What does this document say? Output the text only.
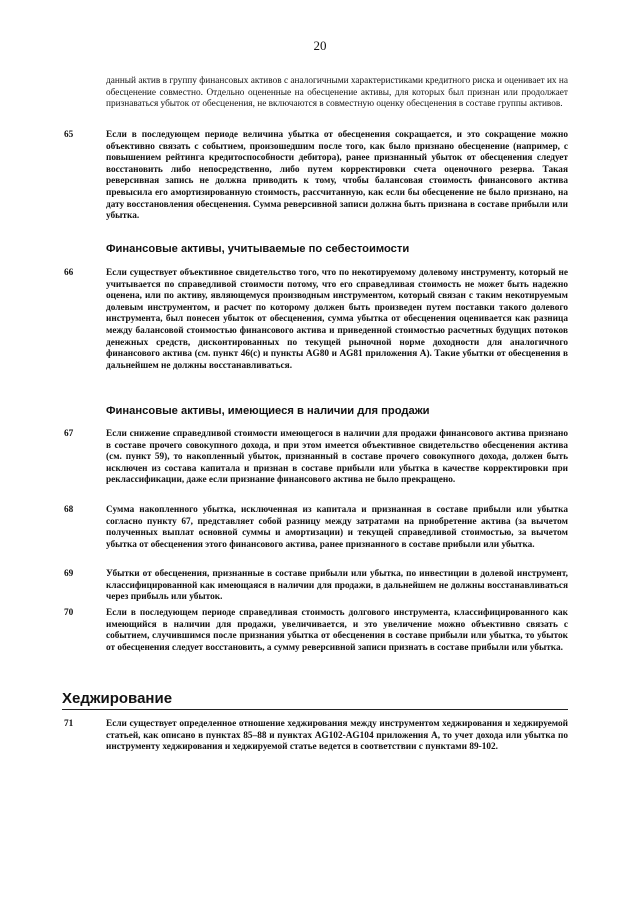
20
данный актив в группу финансовых активов с аналогичными характеристиками кредитного риска и оценивает их на обесценение совместно. Отдельно оцененные на обесценение активы, для которых был признан или продолжает признаваться убыток от обесценения, не включаются в совместную оценку обесценения в составе группы активов.
65	Если в последующем периоде величина убытка от обесценения сокращается, и это сокращение можно объективно связать с событием, произошедшим после того, как было признано обесценение (например, с повышением рейтинга кредитоспособности дебитора), ранее признанный убыток от обесценения следует восстановить либо непосредственно, либо путем корректировки счета оценочного резерва. Такая реверсивная запись не должна приводить к тому, чтобы балансовая стоимость финансового актива превысила его амортизированную стоимость, рассчитанную, как если бы обесценение не было признано, на дату восстановления обесценения. Сумма реверсивной записи должна быть признана в составе прибыли или убытка.
Финансовые активы, учитываемые по себестоимости
66	Если существует объективное свидетельство того, что по некотируемому долевому инструменту, который не учитывается по справедливой стоимости потому, что его справедливая стоимость не может быть надежно оценена, или по активу, являющемуся производным инструментом, который связан с таким некотируемым долевым инструментом, и расчет по которому должен быть произведен путем поставки такого долевого инструмента, был понесен убыток от обесценения, сумма убытка от обесценения оценивается как разница между балансовой стоимостью финансового актива и приведенной стоимостью расчетных будущих потоков денежных средств, дисконтированных по текущей рыночной норме доходности для аналогичного финансового актива (см. пункт 46(c) и пункты AG80 и AG81 приложения А). Такие убытки от обесценения в дальнейшем не должны восстанавливаться.
Финансовые активы, имеющиеся в наличии для продажи
67	Если снижение справедливой стоимости имеющегося в наличии для продажи финансового актива признано в составе прочего совокупного дохода, и при этом имеется объективное свидетельство обесценения актива (см. пункт 59), то накопленный убыток, признанный в составе прочего совокупного дохода, должен быть исключен из состава капитала и признан в составе прибыли или убытка в качестве корректировки при реклассификации, даже если признание финансового актива не было прекращено.
68	Сумма накопленного убытка, исключенная из капитала и признанная в составе прибыли или убытка согласно пункту 67, представляет собой разницу между затратами на приобретение актива (за вычетом полученных выплат основной суммы и амортизации) и текущей справедливой стоимостью, за вычетом убытка от обесценения этого финансового актива, ранее признанного в составе прибыли или убытка.
69	Убытки от обесценения, признанные в составе прибыли или убытка, по инвестиции в долевой инструмент, классифицированной как имеющаяся в наличии для продажи, в дальнейшем не должны восстанавливаться через прибыль или убыток.
70	Если в последующем периоде справедливая стоимость долгового инструмента, классифицированного как имеющийся в наличии для продажи, увеличивается, и это увеличение можно объективно связать с событием, случившимся после признания убытка от обесценения в составе прибыли или убытка, то убыток от обесценения следует восстановить, а сумму реверсивной записи признать в составе прибыли или убытка.
Хеджирование
71	Если существует определенное отношение хеджирования между инструментом хеджирования и хеджируемой статьей, как описано в пунктах 85–88 и пунктах AG102-AG104 приложения А, то учет дохода или убытка по инструменту хеджирования и хеджируемой статье ведется в соответствии с пунктами 89-102.
